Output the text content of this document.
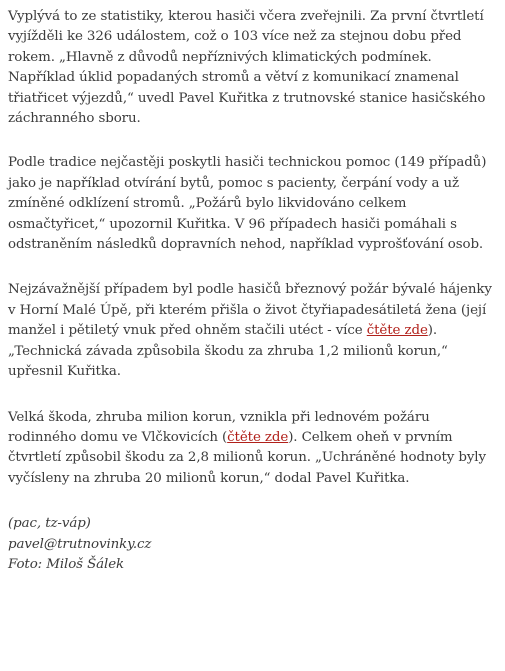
Vyplývá to ze statistiky, kterou hasiči včera zveřejnili. Za první čtvrtletí vyjížděli ke 326 událostem, což o 103 více než za stejnou dobu před rokem. „Hlavně z důvodů nepříznivých klimatických podmínek. Například úklid popadaných stromů a větví z komunikací znamenal třiatřicet výjezdů,“ uvedl Pavel Kuřitka z trutnovské stanice hasičského záchranného sboru.

Podle tradice nejčastěji poskytli hasiči technickou pomoc (149 případů) jako je například otvírání bytů, pomoc s pacienty, čerpání vody a už zmíněné odklízení stromů. „Požárů bylo likvidováno celkem osmačtyřicet,“ upozornil Kuřitka. V 96 případech hasiči pomáhali s odstraněním následků dopravních nehod, například vyprošťování osob.

Nejzávažnější případem byl podle hasičů březnový požár bývalé hájenky v Horní Malé Úpě, při kterém přišla o život čtyřiapadesátiletá žena (její manžel i pětiletý vnuk před ohněm stačili utéct - více čtěte zde). „Technická závada způsobila škodu za zhruba 1,2 milionů korun,“ upřesnil Kuřitka.

Velká škoda, zhruba milion korun, vznikla při lednovém požáru rodinného domu ve Vlčkovicích (čtěte zde). Celkem oheň v prvním čtvrtletí způsobil škodu za 2,8 milionů korun. „Uchráněné hodnoty byly vyčísleny na zhruba 20 milionů korun,“ dodal Pavel Kuřitka.

(pac, tz-váp)
pavel@trutnovinky.cz
Foto: Miloš Šálek
